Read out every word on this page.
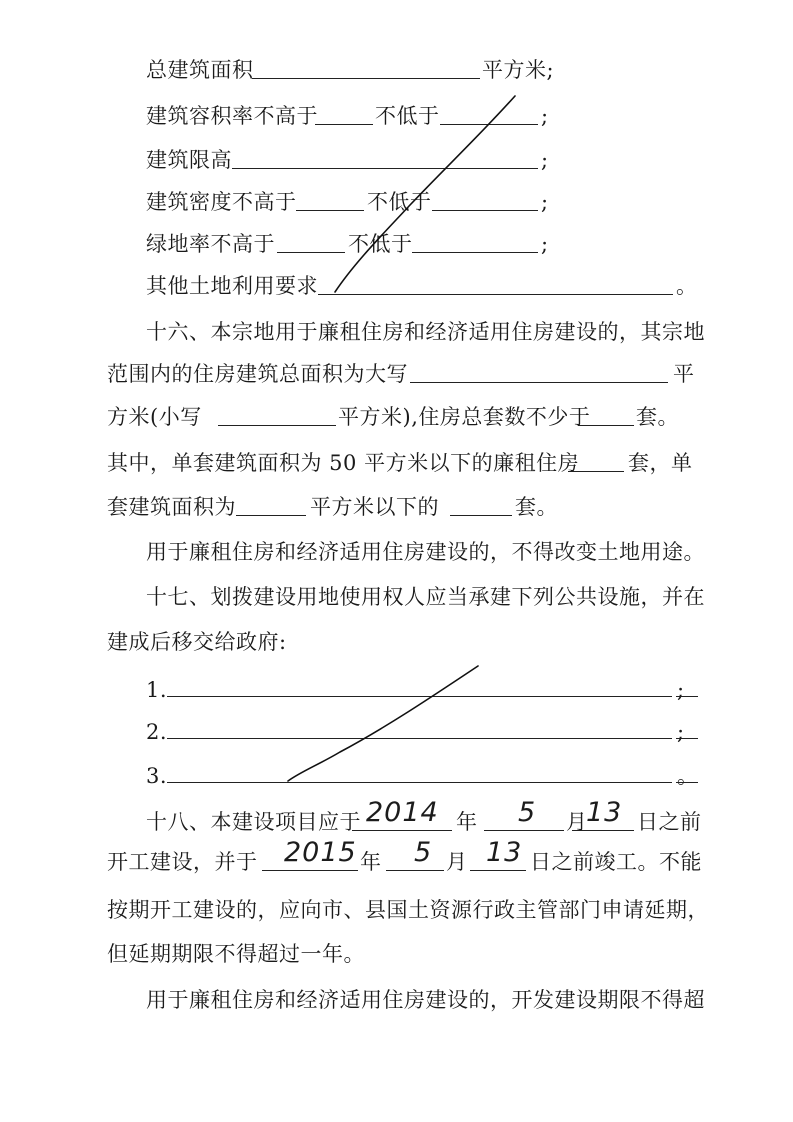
总建筑面积	平方米;
建筑容积率不高于	不低于	;
建筑限高	;
建筑密度不高于	不低于	;
绿地率不高于	不低于	;
其他土地利用要求	。
十六、本宗地用于廉租住房和经济适用住房建设的，其宗地
范围内的住房建筑总面积为大写	平
方米(小写	平方米),住房总套数不少于 套。
其中，单套建筑面积为 50 平方米以下的廉租住房 套，单
套建筑面积为	平方米以下的	套。
用于廉租住房和经济适用住房建设的，不得改变土地用途。
十七、划拨建设用地使用权人应当承建下列公共设施，并在
建成后移交给政府:
1.	;
2.	;
3.	。
十八、本建设项目应于 2014 年 5 月
13 日之前
开工建设，并于 2015 年 5 月 13 日之前竣工。不能
按期开工建设的，应向市、县国土资源行政主管部门申请延期，
但延期期限不得超过一年。
用于廉租住房和经济适用住房建设的，开发建设期限不得超
